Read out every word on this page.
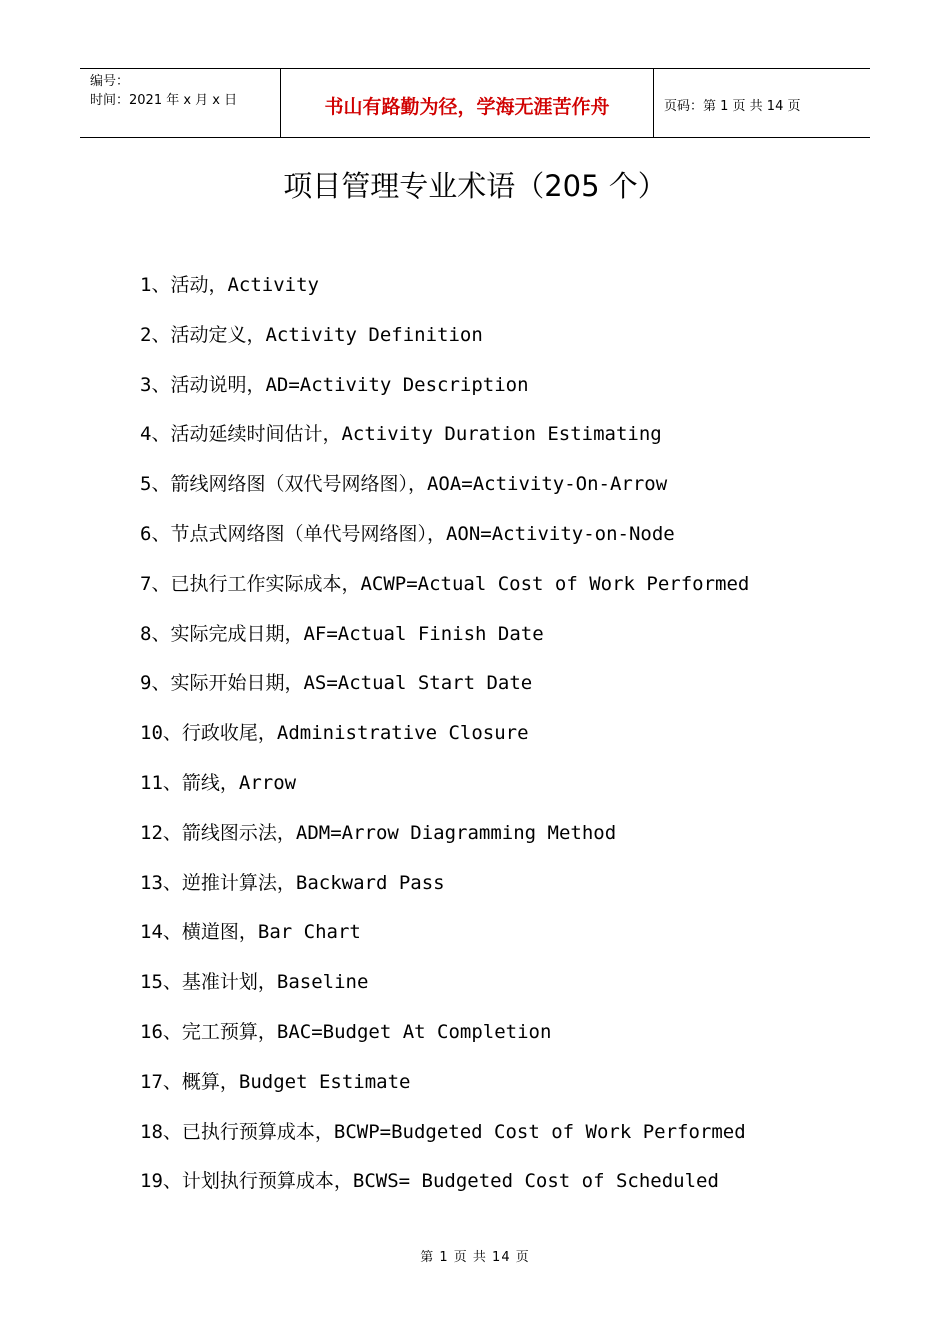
编号：
时间：2021 年 x 月 x 日	书山有路勤为径，学海无涯苦作舟	页码：第 1 页 共 14 页
项目管理专业术语（205 个）
1、活动，Activity
2、活动定义，Activity Definition
3、活动说明，AD=Activity Description
4、活动延续时间估计，Activity Duration Estimating
5、箭线网络图（双代号网络图），AOA=Activity-On-Arrow
6、节点式网络图（单代号网络图），AON=Activity-on-Node
7、已执行工作实际成本，ACWP=Actual Cost of Work Performed
8、实际完成日期，AF=Actual Finish Date
9、实际开始日期，AS=Actual Start Date
10、行政收尾，Administrative Closure
11、箭线，Arrow
12、箭线图示法，ADM=Arrow Diagramming Method
13、逆推计算法，Backward Pass
14、横道图，Bar Chart
15、基准计划，Baseline
16、完工预算，BAC=Budget At Completion
17、概算，Budget Estimate
18、已执行预算成本，BCWP=Budgeted Cost of Work Performed
19、计划执行预算成本，BCWS= Budgeted Cost of Scheduled
第 1 页 共 14 页
